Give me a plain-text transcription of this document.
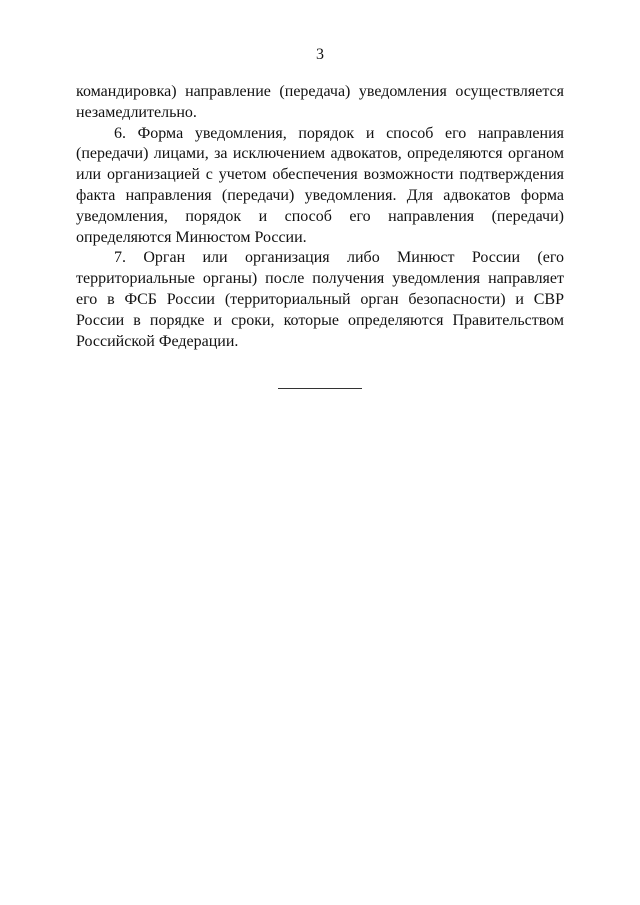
3

командировка) направление (передача) уведомления осуществляется незамедлительно.

6. Форма уведомления, порядок и способ его направления (передачи) лицами, за исключением адвокатов, определяются органом или организацией с учетом обеспечения возможности подтверждения факта направления (передачи) уведомления. Для адвокатов форма уведомления, порядок и способ его направления (передачи) определяются Минюстом России.

7. Орган или организация либо Минюст России (его территориальные органы) после получения уведомления направляет его в ФСБ России (территориальный орган безопасности) и СВР России в порядке и сроки, которые определяются Правительством Российской Федерации.
